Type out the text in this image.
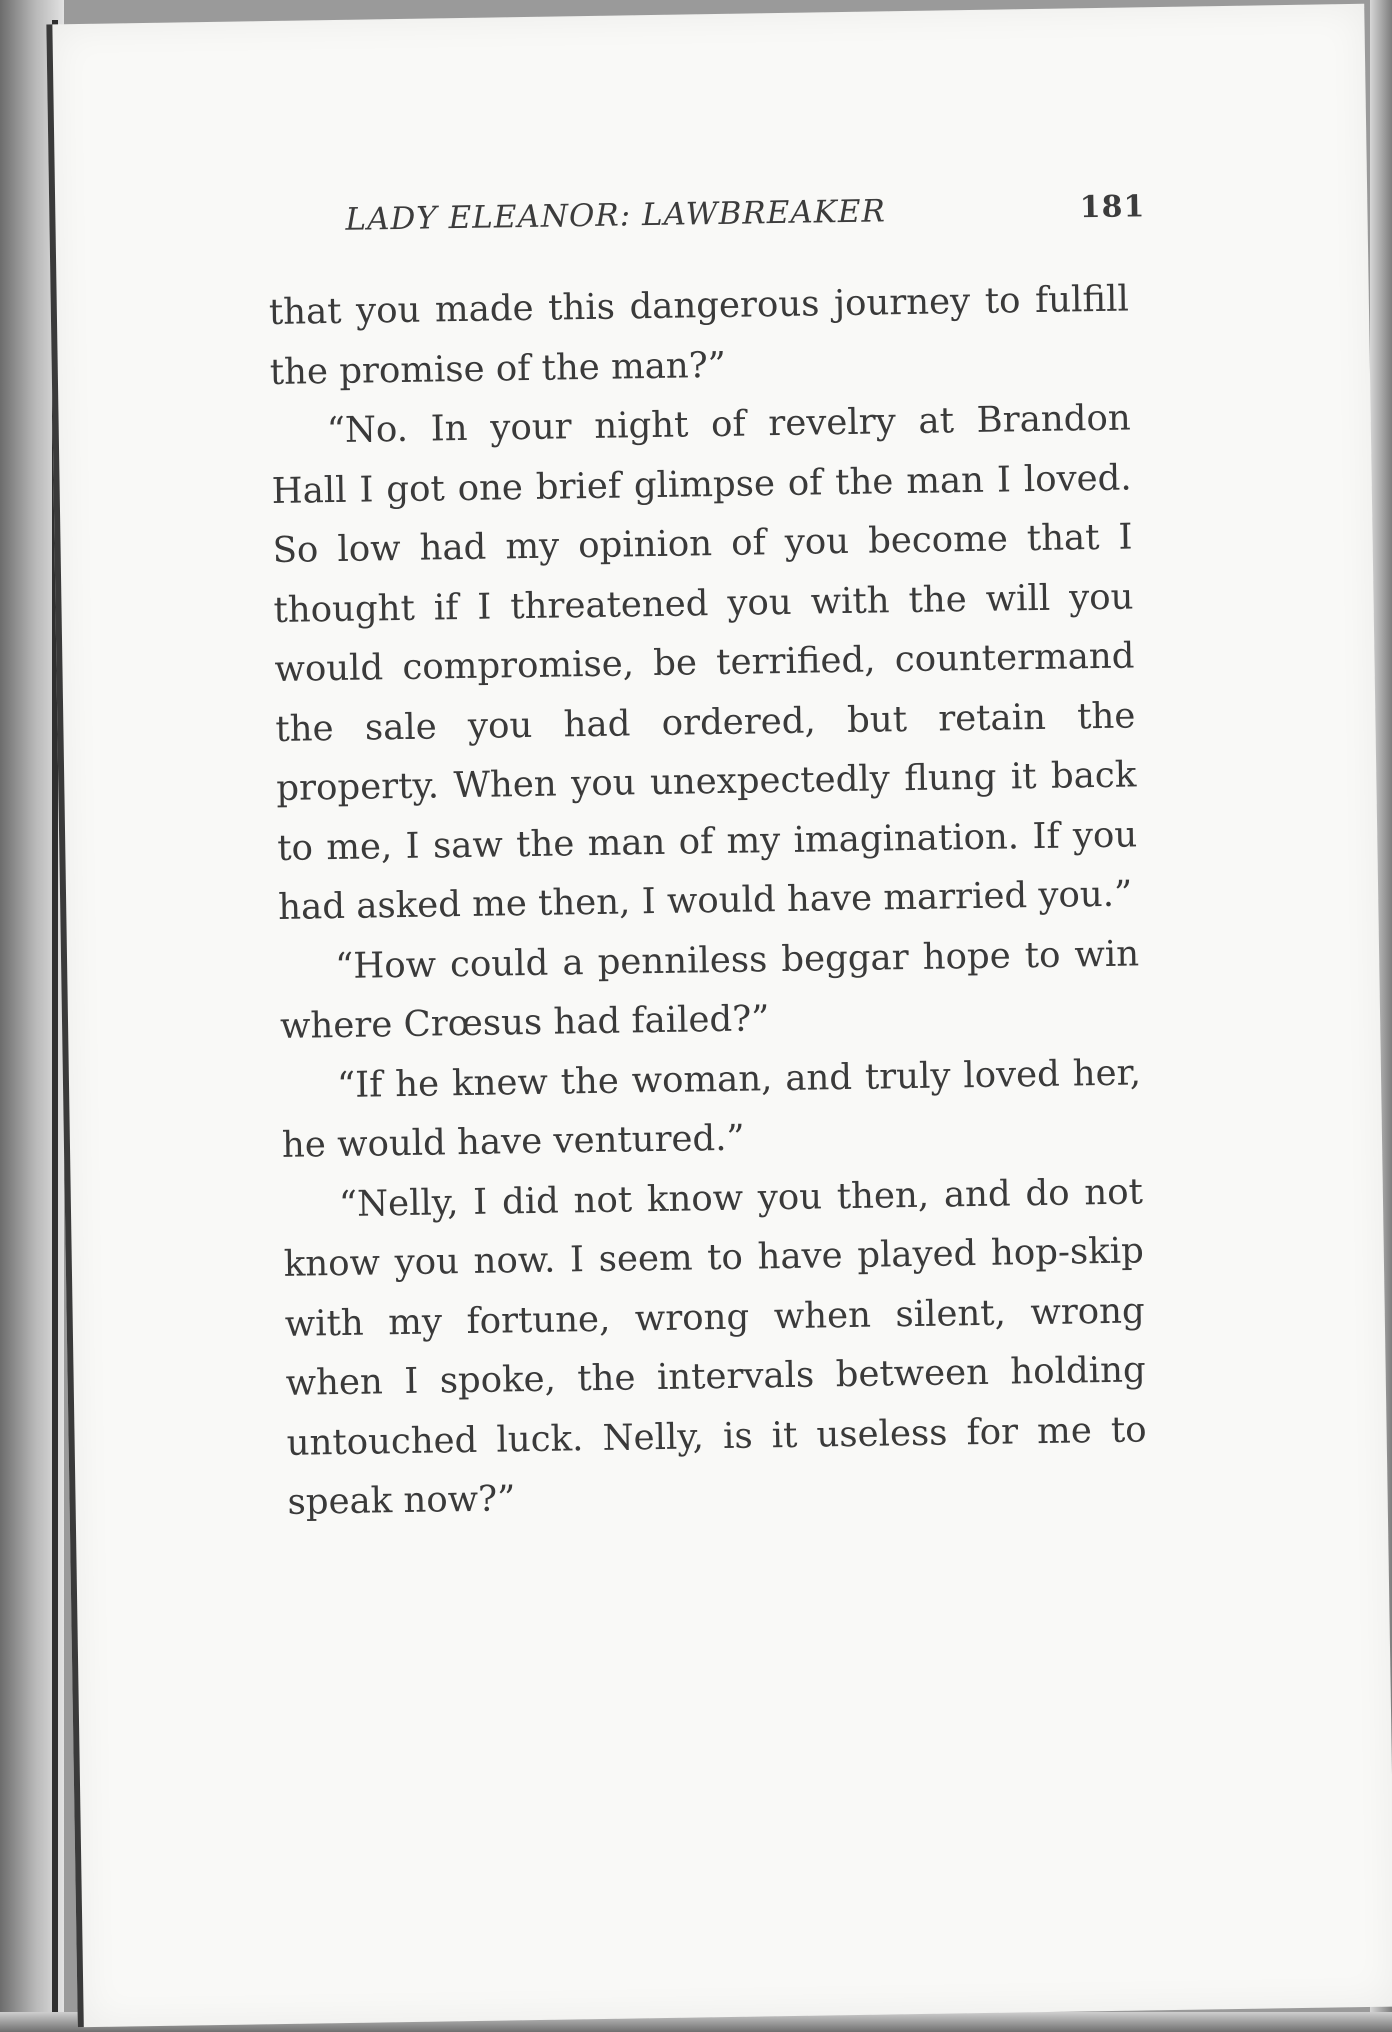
LADY ELEANOR: LAWBREAKER	181

that you made this dangerous journey to fulfill the promise of the man?”

“No. In your night of revelry at Brandon Hall I got one brief glimpse of the man I loved. So low had my opinion of you become that I thought if I threatened you with the will you would compromise, be terrified, countermand the sale you had ordered, but retain the property. When you unexpectedly flung it back to me, I saw the man of my imagination. If you had asked me then, I would have married you.”

“How could a penniless beggar hope to win where Crœsus had failed?”

“If he knew the woman, and truly loved her, he would have ventured.”

“Nelly, I did not know you then, and do not know you now. I seem to have played hop-skip with my fortune, wrong when silent, wrong when I spoke, the intervals between holding untouched luck. Nelly, is it useless for me to speak now?”
